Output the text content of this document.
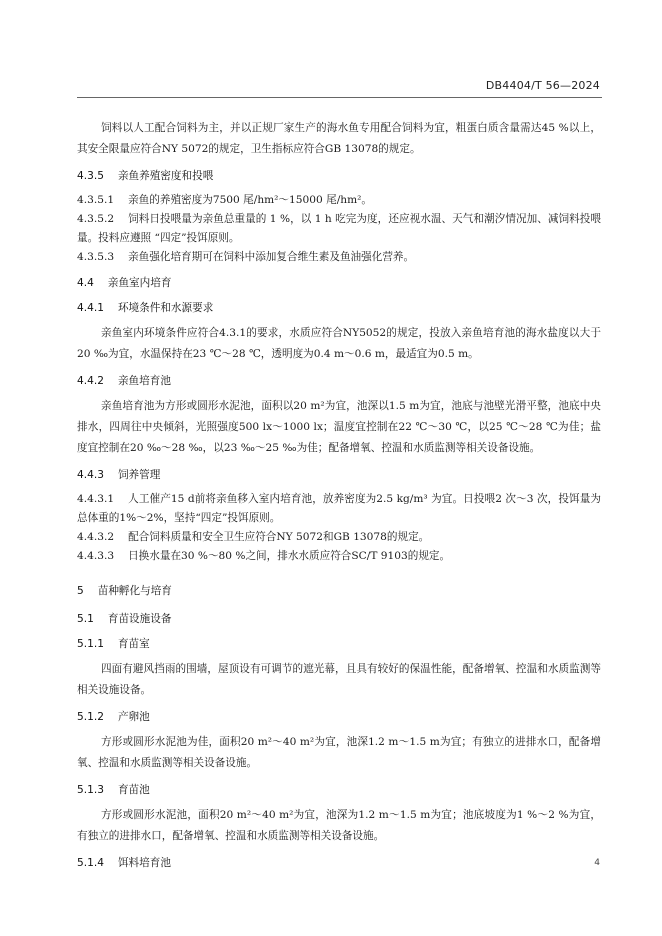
DB4404/T 56—2024

饲料以人工配合饲料为主，并以正规厂家生产的海水鱼专用配合饲料为宜，粗蛋白质含量需达45 %以上，其安全限量应符合NY 5072的规定，卫生指标应符合GB 13078的规定。

4.3.5 亲鱼养殖密度和投喂

4.3.5.1 亲鱼的养殖密度为7500 尾/hm²～15000 尾/hm²。

4.3.5.2 饲料日投喂量为亲鱼总重量的 1 %，以 1 h 吃完为度，还应视水温、天气和潮汐情况加、减饲料投喂量。投料应遵照 “四定”投饵原则。

4.3.5.3 亲鱼强化培育期可在饲料中添加复合维生素及鱼油强化营养。

4.4 亲鱼室内培育
4.4.1 环境条件和水源要求

亲鱼室内环境条件应符合4.3.1的要求，水质应符合NY5052的规定，投放入亲鱼培育池的海水盐度以大于20 ‰为宜，水温保持在23 ℃～28 ℃，透明度为0.4 m～0.6 m，最适宜为0.5 m。

4.4.2 亲鱼培育池

亲鱼培育池为方形或圆形水泥池，面积以20 m²为宜，池深以1.5 m为宜，池底与池壁光滑平整，池底中央排水，四周往中央倾斜，光照强度500 lx～1000 lx；温度宜控制在22 ℃～30 ℃，以25 ℃～28 ℃为佳；盐度宜控制在20 ‰～28 ‰，以23 ‰～25 ‰为佳；配备增氧、控温和水质监测等相关设备设施。

4.4.3 饲养管理

4.4.3.1 人工催产15 d前将亲鱼移入室内培育池，放养密度为2.5 kg/m³ 为宜。日投喂2 次～3 次，投饵量为总体重的1%～2%，坚持“四定”投饵原则。

4.4.3.2 配合饲料质量和安全卫生应符合NY 5072和GB 13078的规定。

4.4.3.3 日换水量在30 %～80 %之间，排水水质应符合SC/T 9103的规定。

5 苗种孵化与培育
5.1 育苗设施设备
5.1.1 育苗室

四面有避风挡雨的围墙，屋顶设有可调节的遮光幕，且具有较好的保温性能，配备增氧、控温和水质监测等相关设施设备。

5.1.2 产卵池

方形或圆形水泥池为佳，面积20 m²～40 m²为宜，池深1.2 m～1.5 m为宜；有独立的进排水口，配备增氧、控温和水质监测等相关设备设施。

5.1.3 育苗池

方形或圆形水泥池，面积20 m²～40 m²为宜，池深为1.2 m～1.5 m为宜；池底坡度为1 %～2 %为宜，有独立的进排水口，配备增氧、控温和水质监测等相关设备设施。

5.1.4 饵料培育池	4
